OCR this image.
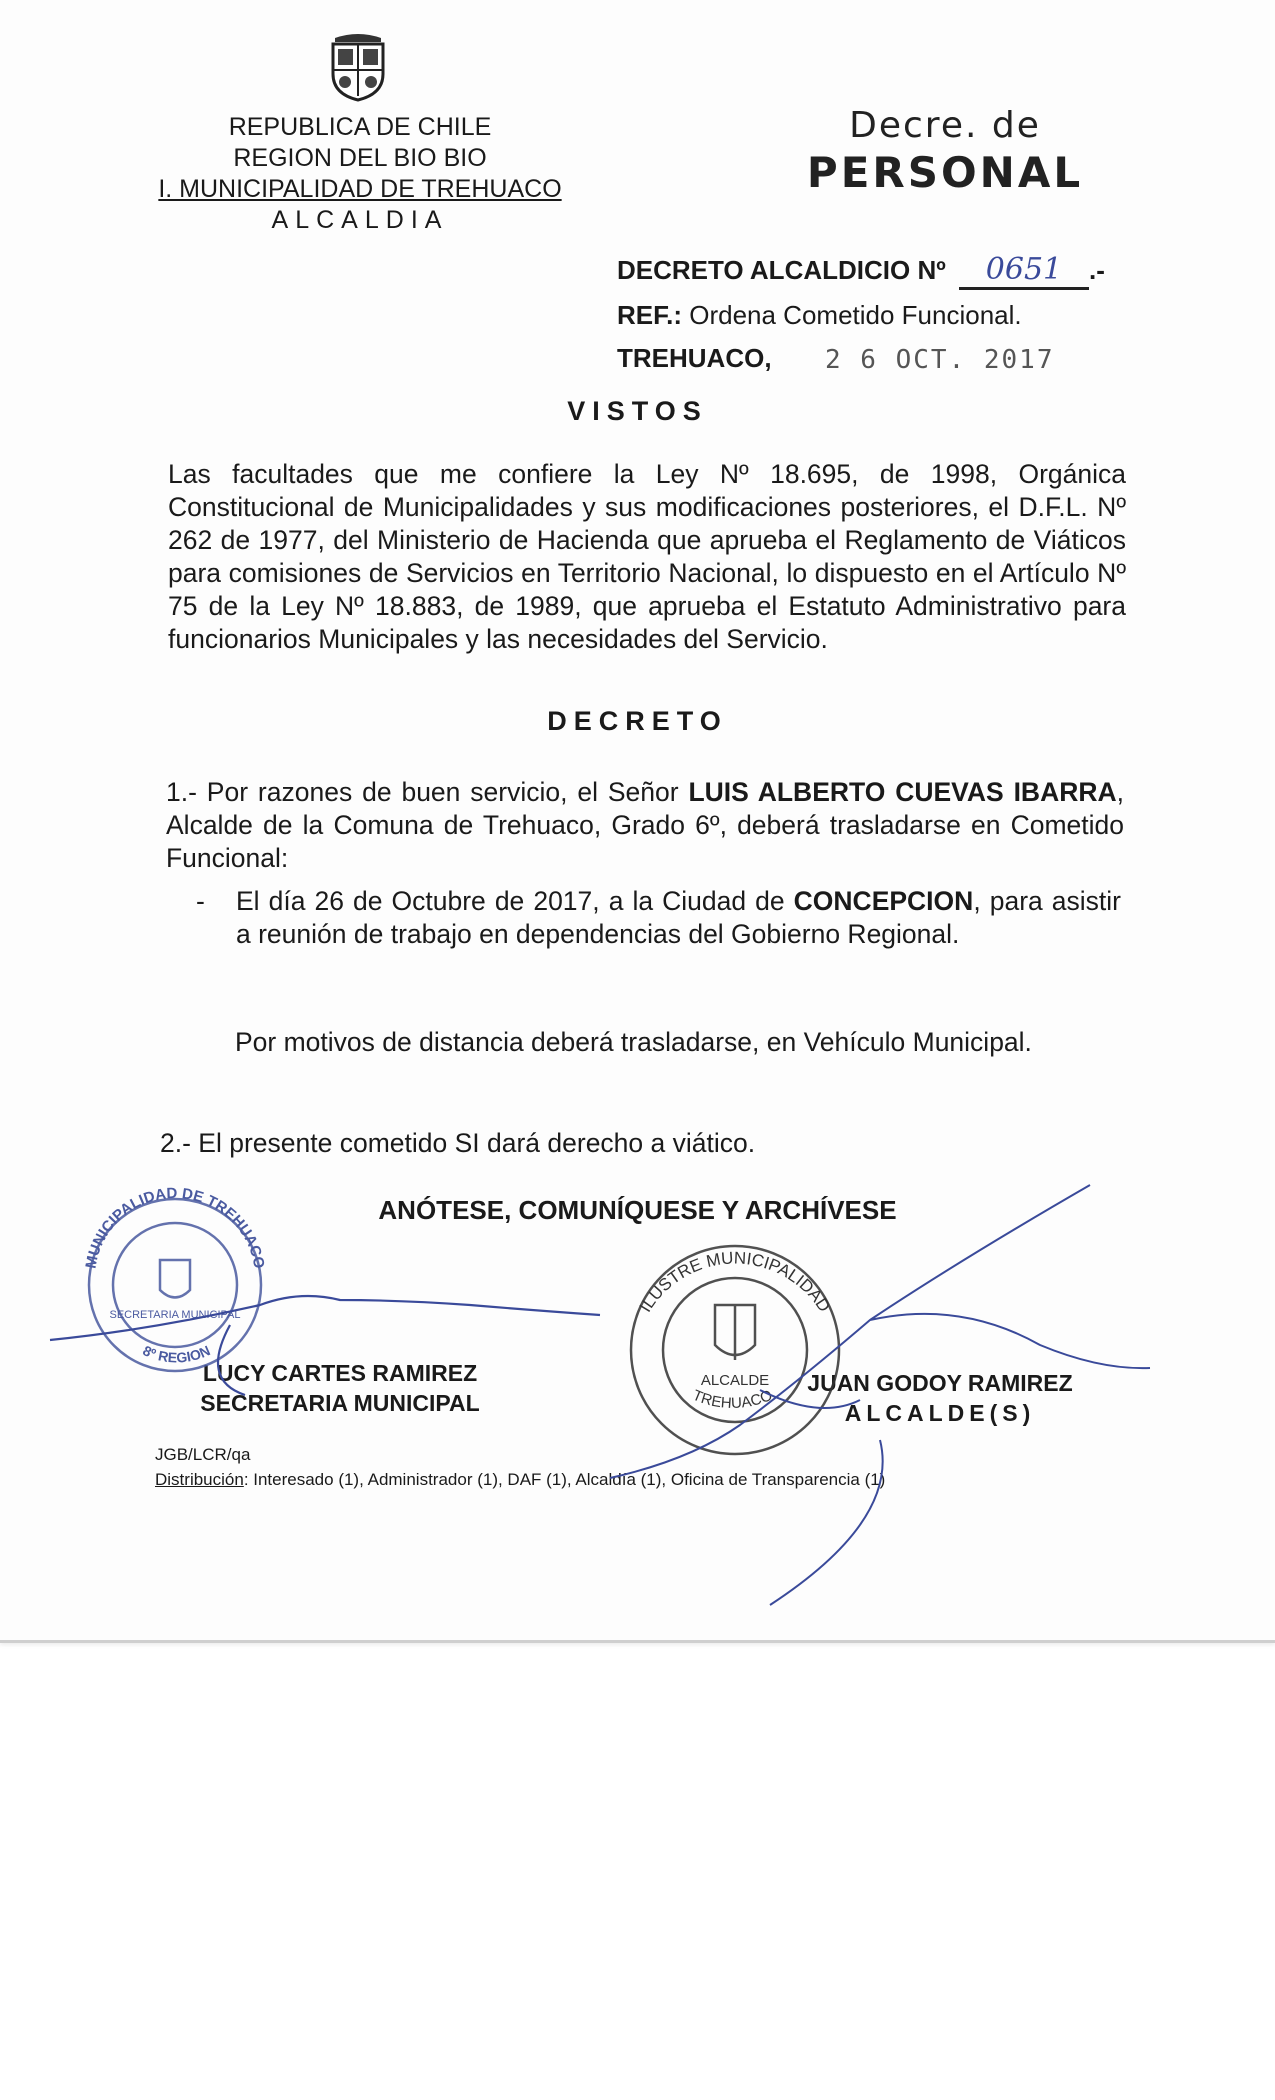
REPUBLICA DE CHILE
REGION DEL BIO BIO
I. MUNICIPALIDAD DE TREHUACO
ALCALDIA
Decre. de
PERSONAL
DECRETO ALCALDICIO Nº 0651 .-
REF.: Ordena Cometido Funcional.
TREHUACO, 2 6 OCT. 2017
VISTOS
Las facultades que me confiere la Ley Nº 18.695, de 1998, Orgánica Constitucional de Municipalidades y sus modificaciones posteriores, el D.F.L. Nº 262 de 1977, del Ministerio de Hacienda que aprueba el Reglamento de Viáticos para comisiones de Servicios en Territorio Nacional, lo dispuesto en el Artículo Nº 75 de la Ley Nº 18.883, de 1989, que aprueba el Estatuto Administrativo para funcionarios Municipales y las necesidades del Servicio.
DECRETO
1.- Por razones de buen servicio, el Señor LUIS ALBERTO CUEVAS IBARRA, Alcalde de la Comuna de Trehuaco, Grado 6º, deberá trasladarse en Cometido Funcional:
- El día 26 de Octubre de 2017, a la Ciudad de CONCEPCION, para asistir a reunión de trabajo en dependencias del Gobierno Regional.
Por motivos de distancia deberá trasladarse, en Vehículo Municipal.
2.- El presente cometido SI dará derecho a viático.
ANÓTESE, COMUNÍQUESE Y ARCHÍVESE
LUCY CARTES RAMIREZ
SECRETARIA MUNICIPAL
JUAN GODOY RAMIREZ
ALCALDE(S)
JGB/LCR/qa
Distribución: Interesado (1), Administrador (1), DAF (1), Alcaldía (1), Oficina de Transparencia (1)
MUNICIPALIDAD DE TREHUACO
SECRETARIA MUNICIPAL
8º REGION
ILUSTRE MUNICIPALIDAD
ALCALDE
TREHUACO
